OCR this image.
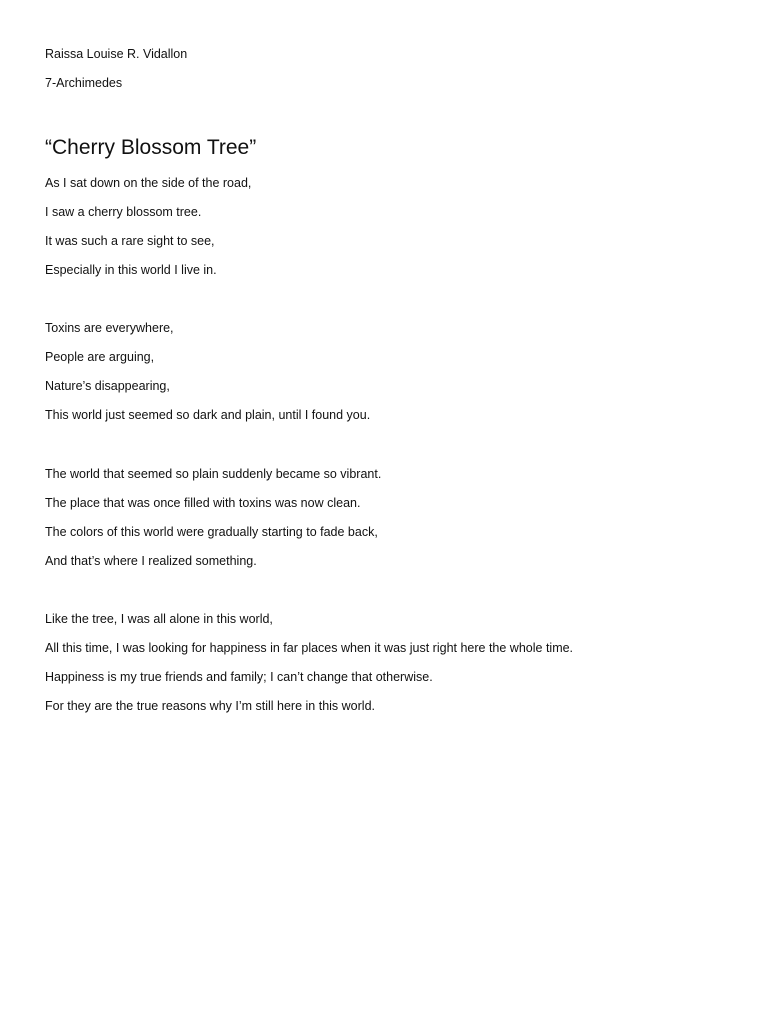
Raissa Louise R. Vidallon

7-Archimedes

“Cherry Blossom Tree”

As I sat down on the side of the road,

I saw a cherry blossom tree.

It was such a rare sight to see,

Especially in this world I live in.

Toxins are everywhere,

People are arguing,

Nature’s disappearing,

This world just seemed so dark and plain, until I found you.

The world that seemed so plain suddenly became so vibrant.

The place that was once filled with toxins was now clean.

The colors of this world were gradually starting to fade back,

And that’s where I realized something.

Like the tree, I was all alone in this world,

All this time, I was looking for happiness in far places when it was just right here the whole time.

Happiness is my true friends and family; I can’t change that otherwise.

For they are the true reasons why I’m still here in this world.
